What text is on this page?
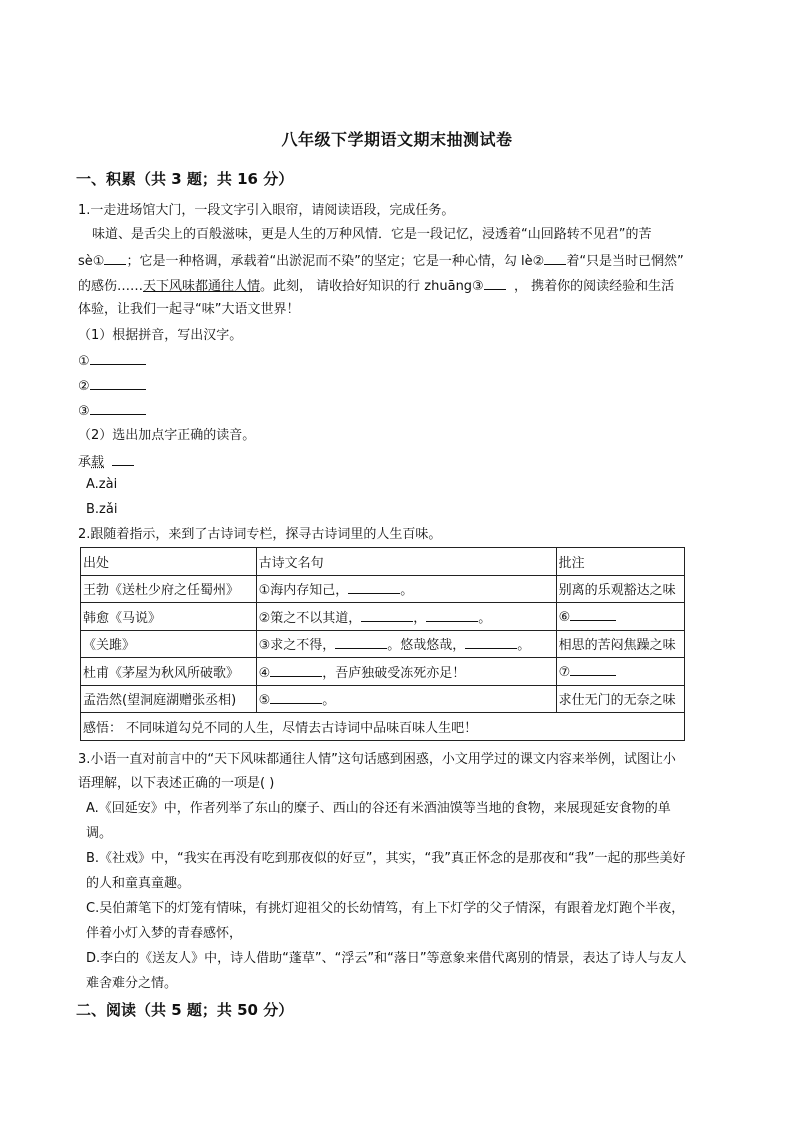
八年级下学期语文期末抽测试卷
一、积累（共 3 题；共 16 分）
1.一走进场馆大门，一段文字引入眼帘，请阅读语段，完成任务。
味道、是舌尖上的百般滋味，更是人生的万种风情．它是一段记忆，浸透着“山回路转不见君”的苦
sè① ；它是一种格调，承载着“出淤泥而不染”的坚定；它是一种心情，勾 lè② 着“只是当时已惘然”
的感伤……天下风味都通往人情。此刻， 请收拾好知识的行 zhuāng③ ， 携着你的阅读经验和生活
体验，让我们一起寻“味”大语文世界！
（1）根据拼音，写出汉字。
①
②
③
（2）选出加点字正确的读音。
承载
A.zài
B.zǎi
2.跟随着指示，来到了古诗词专栏，探寻古诗词里的人生百味。
出处	古诗文名句	批注
王勃《送杜少府之任蜀州》	①海内存知己， 。	别离的乐观豁达之味
韩愈《马说》	②策之不以其道， ， 。	⑥
《关雎》	③求之不得， 。悠哉悠哉， 。	相思的苦闷焦躁之味
杜甫《茅屋为秋风所破歌》	④ ，吾庐独破受冻死亦足！	⑦
孟浩然(望洞庭湖赠张丞相)	⑤ 。	求仕无门的无奈之味
感悟： 不同味道勾兑不同的人生，尽情去古诗词中品味百味人生吧！		
3.小语一直对前言中的“天下风味都通往人情”这句话感到困惑，小文用学过的课文内容来举例，试图让小
语理解，以下表述正确的一项是( )
A.《回延安》中，作者列举了东山的糜子、西山的谷还有米酒油馍等当地的食物，来展现延安食物的单
调。
B.《社戏》中，“我实在再没有吃到那夜似的好豆”，其实，“我”真正怀念的是那夜和“我”一起的那些美好
的人和童真童趣。
C.吴伯萧笔下的灯笼有情味，有挑灯迎祖父的长幼情笃，有上下灯学的父子情深，有跟着龙灯跑个半夜，
伴着小灯入梦的青春感怀，
D.李白的《送友人》中，诗人借助“蓬草”、“浮云”和“落日”等意象来借代离别的情景，表达了诗人与友人
难舍难分之情。
二、阅读（共 5 题；共 50 分）
